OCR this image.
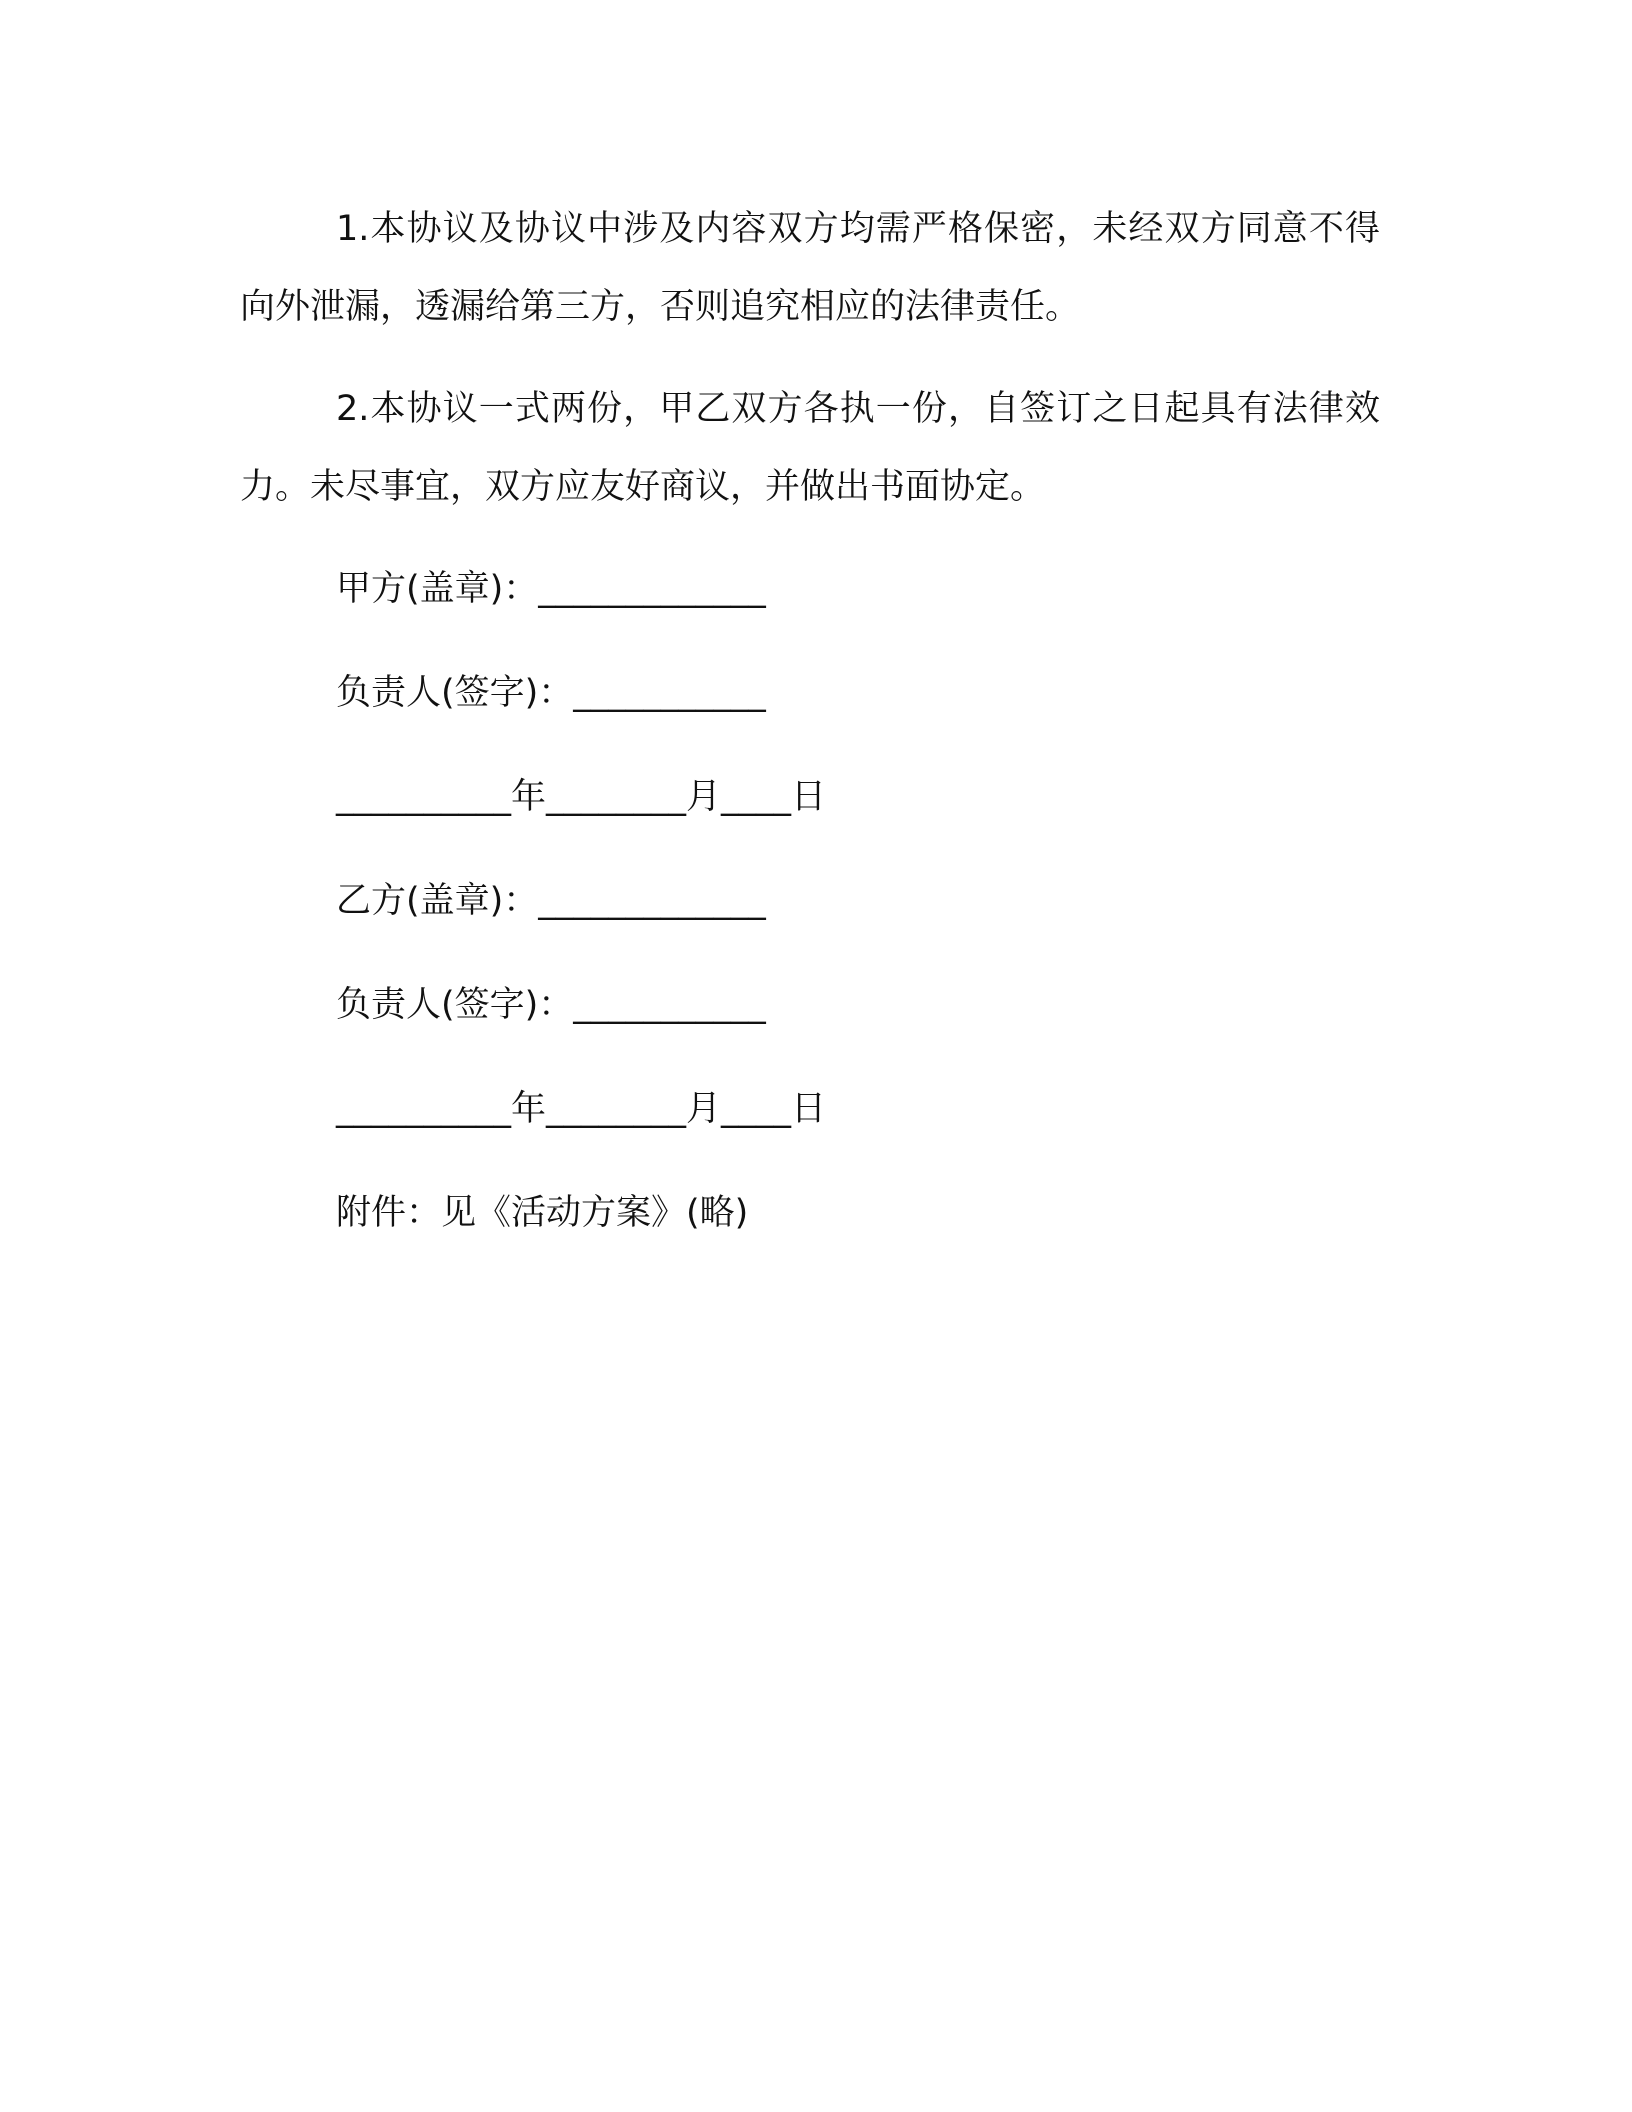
1.本协议及协议中涉及内容双方均需严格保密，未经双方同意不得向外泄漏，透漏给第三方，否则追究相应的法律责任。

2.本协议一式两份，甲乙双方各执一份，自签订之日起具有法律效力。未尽事宜，双方应友好商议，并做出书面协定。

甲方(盖章)：_____________
负责人(签字)：___________
__________年________月____日
乙方(盖章)：_____________
负责人(签字)：___________
__________年________月____日
附件：见《活动方案》(略)
